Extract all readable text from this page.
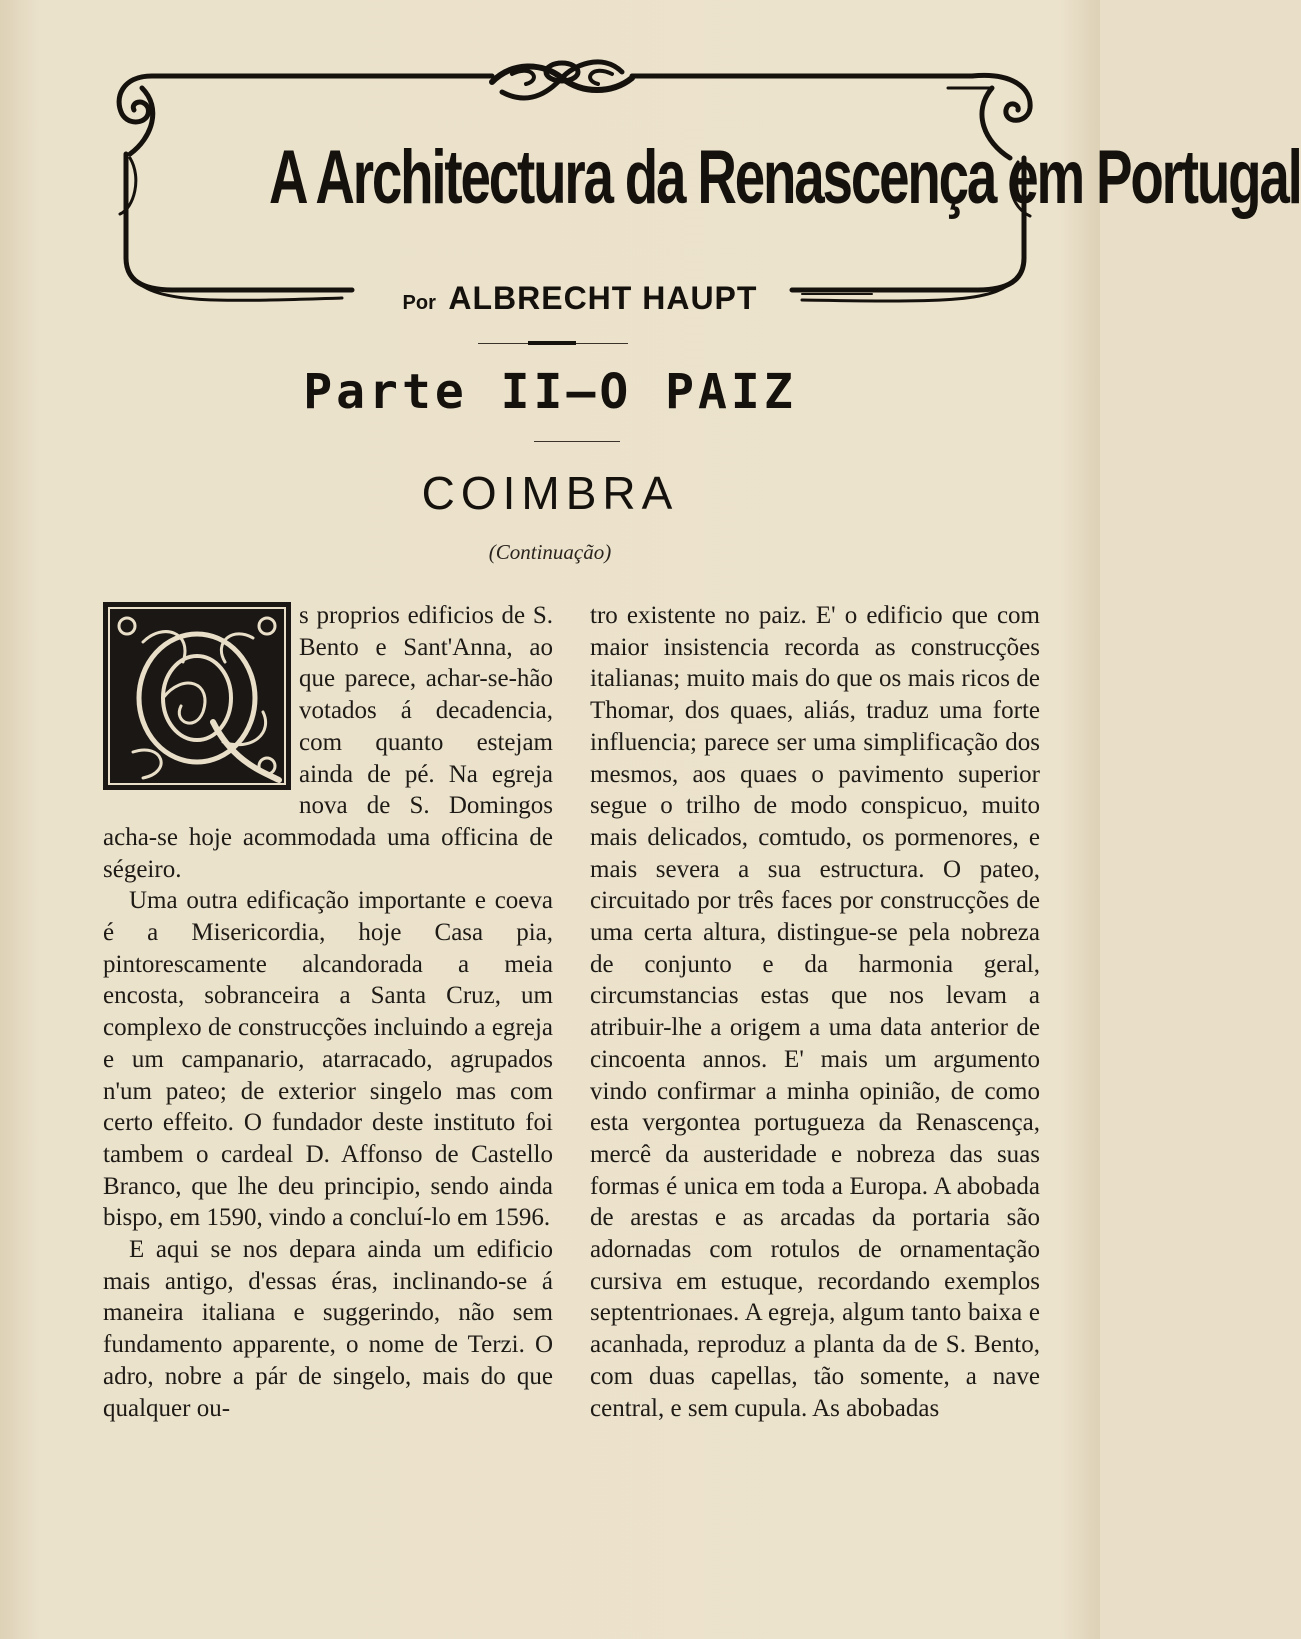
A Architectura da Renascença em Portugal
Por ALBRECHT HAUPT
Parte II—O PAIZ
COIMBRA
(Continuação)

s proprios edificios de S. Bento e Sant'Anna, ao que parece, achar-se-hão votados á decadencia, com quanto estejam ainda de pé. Na egreja nova de S. Domingos acha-se hoje acommodada uma officina de ségeiro.

Uma outra edificação importante e coeva é a Misericordia, hoje Casa pia, pintorescamente alcandorada a meia encosta, sobranceira a Santa Cruz, um complexo de construcções incluindo a egreja e um campanario, atarracado, agrupados n'um pateo; de exterior singelo mas com certo effeito. O fundador deste instituto foi tambem o cardeal D. Affonso de Castello Branco, que lhe deu principio, sendo ainda bispo, em 1590, vindo a concluí-lo em 1596.

E aqui se nos depara ainda um edificio mais antigo, d'essas éras, inclinando-se á maneira italiana e suggerindo, não sem fundamento apparente, o nome de Terzi. O adro, nobre a pár de singelo, mais do que qualquer ou-

tro existente no paiz. E' o edificio que com maior insistencia recorda as construcções italianas; muito mais do que os mais ricos de Thomar, dos quaes, aliás, traduz uma forte influencia; parece ser uma simplificação dos mesmos, aos quaes o pavimento superior segue o trilho de modo conspicuo, muito mais delicados, comtudo, os pormenores, e mais severa a sua estructura. O pateo, circuitado por três faces por construcções de uma certa altura, distingue-se pela nobreza de conjunto e da harmonia geral, circumstancias estas que nos levam a atribuir-lhe a origem a uma data anterior de cincoenta annos. E' mais um argumento vindo confirmar a minha opinião, de como esta vergontea portugueza da Renascença, mercê da austeridade e nobreza das suas formas é unica em toda a Europa. A abobada de arestas e as arcadas da portaria são adornadas com rotulos de ornamentação cursiva em estuque, recordando exemplos septentrionaes. A egreja, algum tanto baixa e acanhada, reproduz a planta da de S. Bento, com duas capellas, tão somente, a nave central, e sem cupula. As abobadas
